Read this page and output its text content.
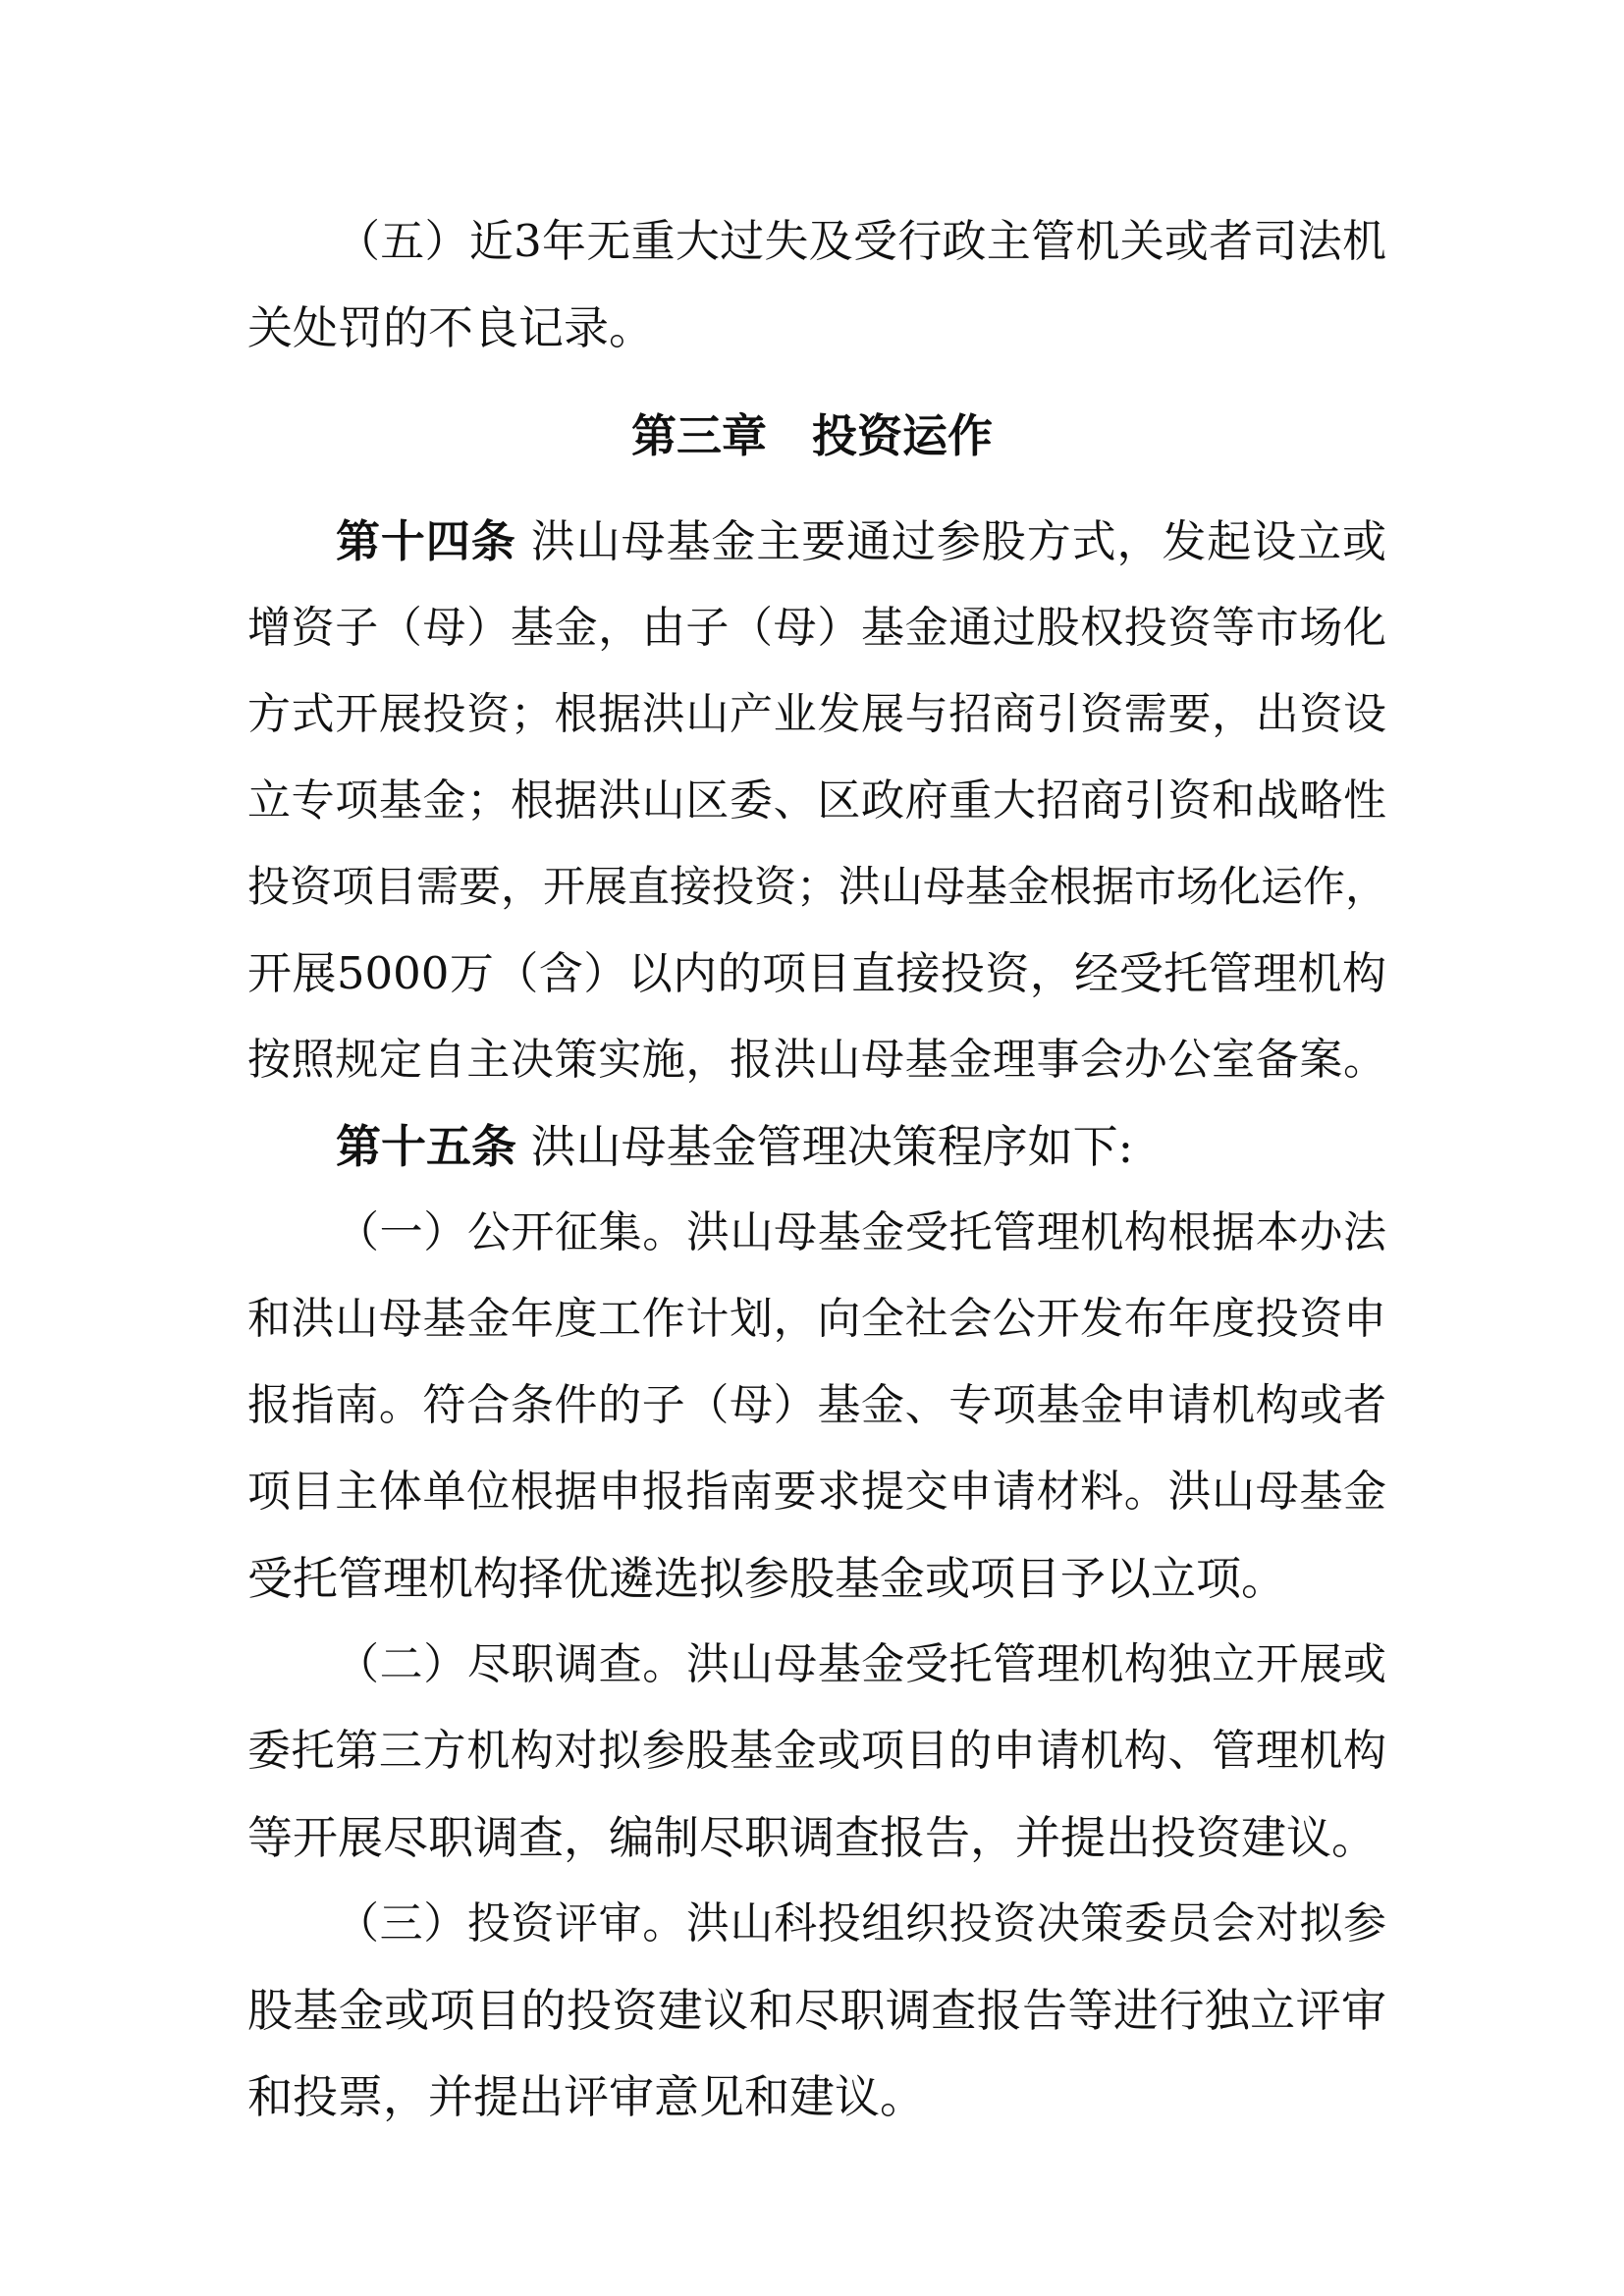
（五）近3年无重大过失及受行政主管机关或者司法机
关处罚的不良记录。
第三章　投资运作
第十四条 洪山母基金主要通过参股方式，发起设立或
增资子（母）基金，由子（母）基金通过股权投资等市场化
方式开展投资；根据洪山产业发展与招商引资需要，出资设
立专项基金；根据洪山区委、区政府重大招商引资和战略性
投资项目需要，开展直接投资；洪山母基金根据市场化运作，
开展5000万（含）以内的项目直接投资，经受托管理机构
按照规定自主决策实施，报洪山母基金理事会办公室备案。
第十五条 洪山母基金管理决策程序如下:
（一）公开征集。洪山母基金受托管理机构根据本办法
和洪山母基金年度工作计划，向全社会公开发布年度投资申
报指南。符合条件的子（母）基金、专项基金申请机构或者
项目主体单位根据申报指南要求提交申请材料。洪山母基金
受托管理机构择优遴选拟参股基金或项目予以立项。
（二）尽职调查。洪山母基金受托管理机构独立开展或
委托第三方机构对拟参股基金或项目的申请机构、管理机构
等开展尽职调查，编制尽职调查报告，并提出投资建议。
（三）投资评审。洪山科投组织投资决策委员会对拟参
股基金或项目的投资建议和尽职调查报告等进行独立评审
和投票，并提出评审意见和建议。
